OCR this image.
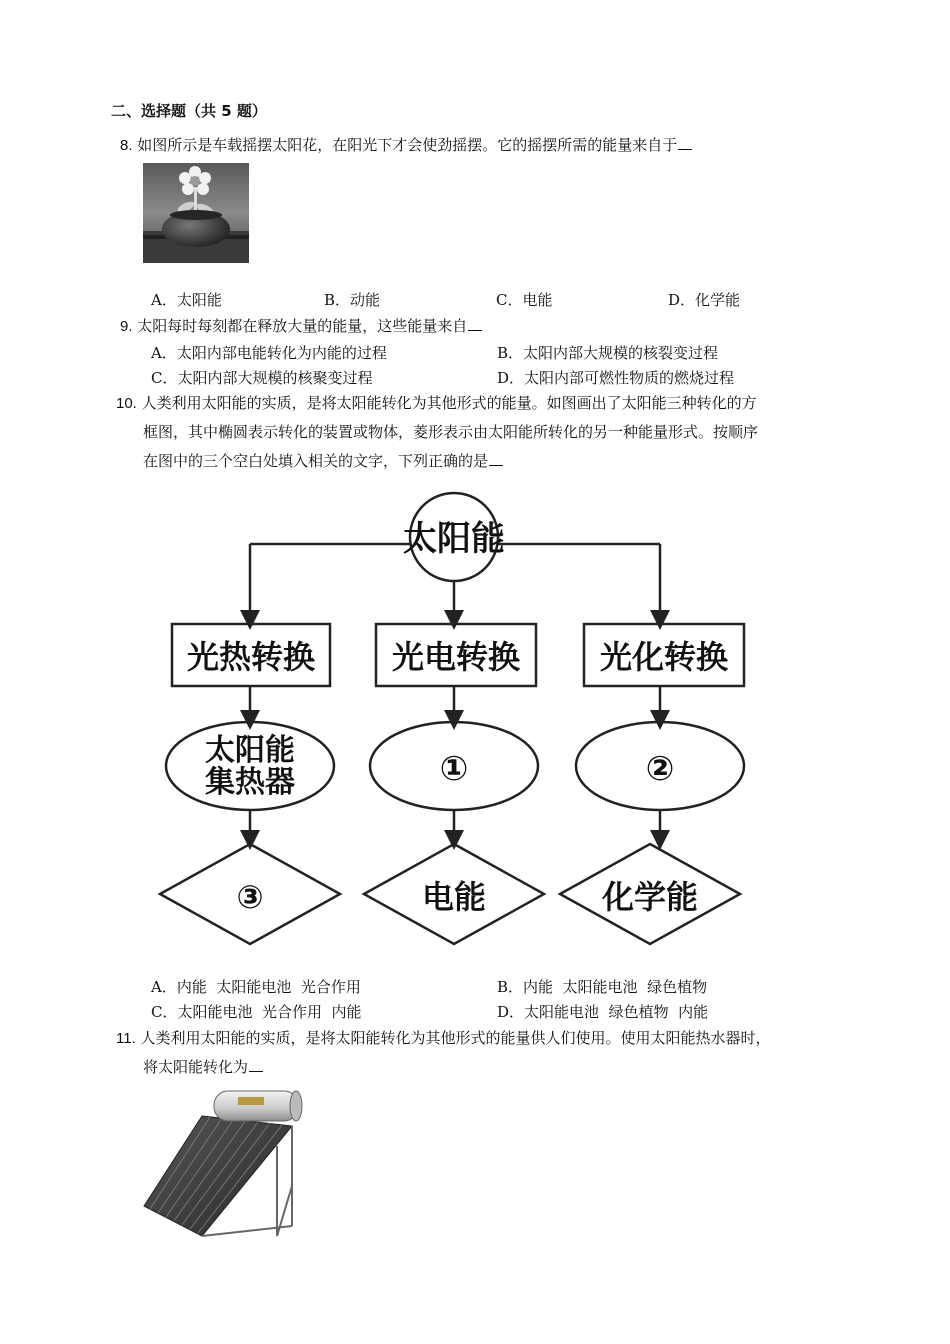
二、选择题（共 5 题）
8. 如图所示是车载摇摆太阳花，在阳光下才会使劲摇摆。它的摇摆所需的能量来自于
A．太阳能	B．动能	C．电能	D．化学能
9. 太阳每时每刻都在释放大量的能量，这些能量来自
A．太阳内部电能转化为内能的过程	B．太阳内部大规模的核裂变过程
C．太阳内部大规模的核聚变过程	D．太阳内部可燃性物质的燃烧过程
10. 人类利用太阳能的实质，是将太阳能转化为其他形式的能量。如图画出了太阳能三种转化的方
框图，其中椭圆表示转化的装置或物体，菱形表示由太阳能所转化的另一种能量形式。按顺序
在图中的三个空白处填入相关的文字，下列正确的是
太阳能
光热转换 光电转换 光化转换
太阳能
集热器	①	②
③	电能	化学能
A．内能  太阳能电池  光合作用	B．内能  太阳能电池  绿色植物
C．太阳能电池  光合作用  内能	D．太阳能电池  绿色植物  内能
11. 人类利用太阳能的实质，是将太阳能转化为其他形式的能量供人们使用。使用太阳能热水器时，
将太阳能转化为
